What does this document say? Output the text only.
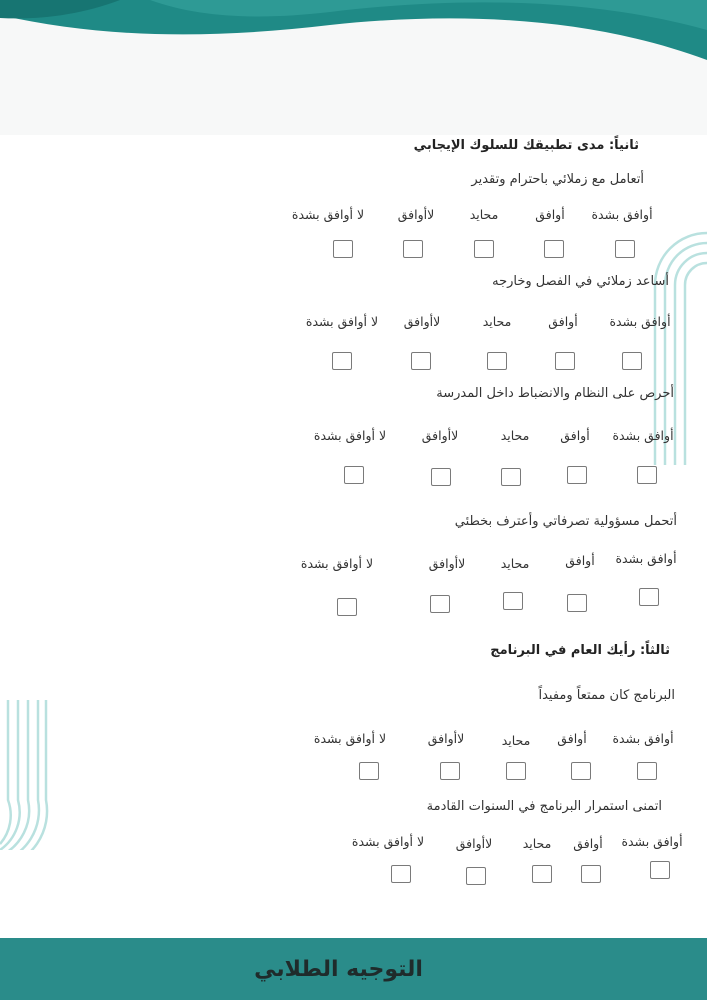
ثانياً: مدى تطبيقك للسلوك الإيجابي
أتعامل مع زملائي باحترام وتقدير
أوافق بشدة
أوافق
محايد
لاأوافق
لا أوافق بشدة
أساعد زملائي في الفصل وخارجه
أوافق بشدة
أوافق
محايد
لاأوافق
لا أوافق بشدة
أحرص على النظام والانضباط داخل المدرسة
أوافق بشدة
أوافق
محايد
لاأوافق
لا أوافق بشدة
أتحمل مسؤولية تصرفاتي وأعترف بخطئي
أوافق بشدة
أوافق
محايد
لاأوافق
لا أوافق بشدة
ثالثاً: رأيك العام في البرنامج
البرنامج كان ممتعاً ومفيداً
أوافق بشدة
أوافق
محايد
لاأوافق
لا أوافق بشدة
اتمنى استمرار البرنامج في السنوات القادمة
أوافق بشدة
أوافق
محايد
لاأوافق
لا أوافق بشدة
التوجيه الطلابي
